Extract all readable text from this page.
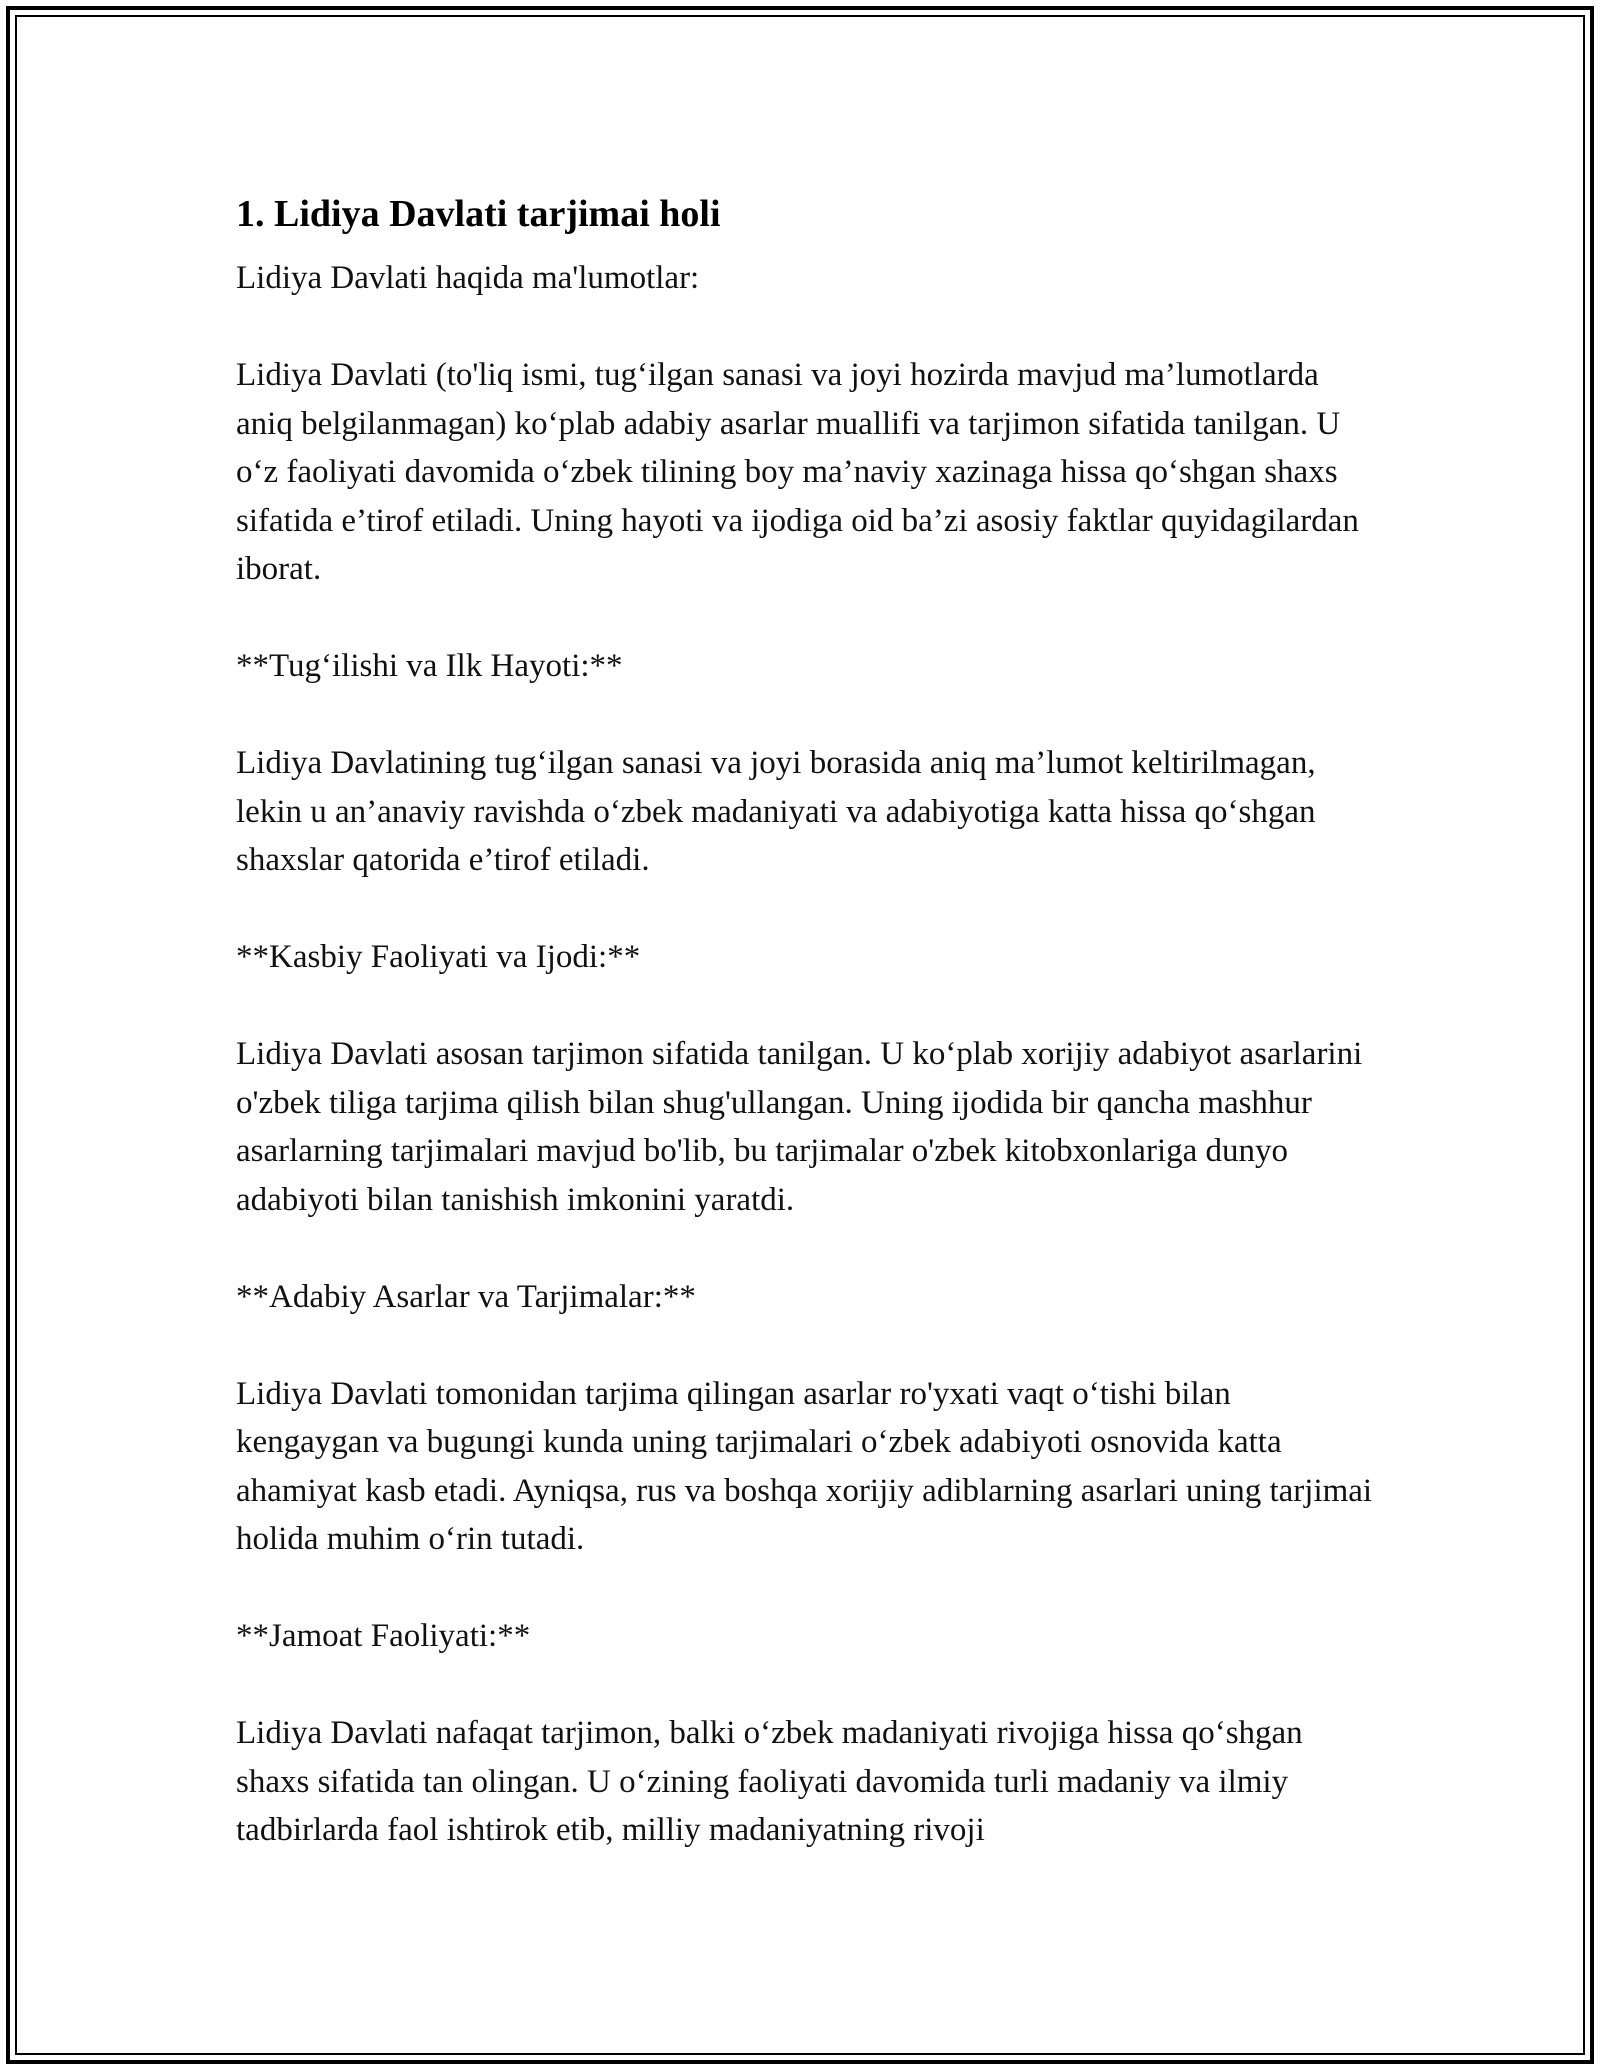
1. Lidiya Davlati tarjimai holi

Lidiya Davlati haqida ma'lumotlar:

Lidiya Davlati (to'liq ismi, tug‘ilgan sanasi va joyi hozirda mavjud ma’lumotlarda aniq belgilanmagan) ko‘plab adabiy asarlar muallifi va tarjimon sifatida tanilgan. U o‘z faoliyati davomida o‘zbek tilining boy ma’naviy xazinaga hissa qo‘shgan shaxs sifatida e’tirof etiladi. Uning hayoti va ijodiga oid ba’zi asosiy faktlar quyidagilardan iborat.

**Tug‘ilishi va Ilk Hayoti:**

Lidiya Davlatining tug‘ilgan sanasi va joyi borasida aniq ma’lumot keltirilmagan, lekin u an’anaviy ravishda o‘zbek madaniyati va adabiyotiga katta hissa qo‘shgan shaxslar qatorida e’tirof etiladi.

**Kasbiy Faoliyati va Ijodi:**

Lidiya Davlati asosan tarjimon sifatida tanilgan. U ko‘plab xorijiy adabiyot asarlarini o'zbek tiliga tarjima qilish bilan shug'ullangan. Uning ijodida bir qancha mashhur asarlarning tarjimalari mavjud bo'lib, bu tarjimalar o'zbek kitobxonlariga dunyo adabiyoti bilan tanishish imkonini yaratdi.

**Adabiy Asarlar va Tarjimalar:**

Lidiya Davlati tomonidan tarjima qilingan asarlar ro'yxati vaqt o‘tishi bilan kengaygan va bugungi kunda uning tarjimalari o‘zbek adabiyoti osnovida katta ahamiyat kasb etadi. Ayniqsa, rus va boshqa xorijiy adiblarning asarlari uning tarjimai holida muhim o‘rin tutadi.

**Jamoat Faoliyati:**

Lidiya Davlati nafaqat tarjimon, balki o‘zbek madaniyati rivojiga hissa qo‘shgan shaxs sifatida tan olingan. U o‘zining faoliyati davomida turli madaniy va ilmiy tadbirlarda faol ishtirok etib, milliy madaniyatning rivoji
